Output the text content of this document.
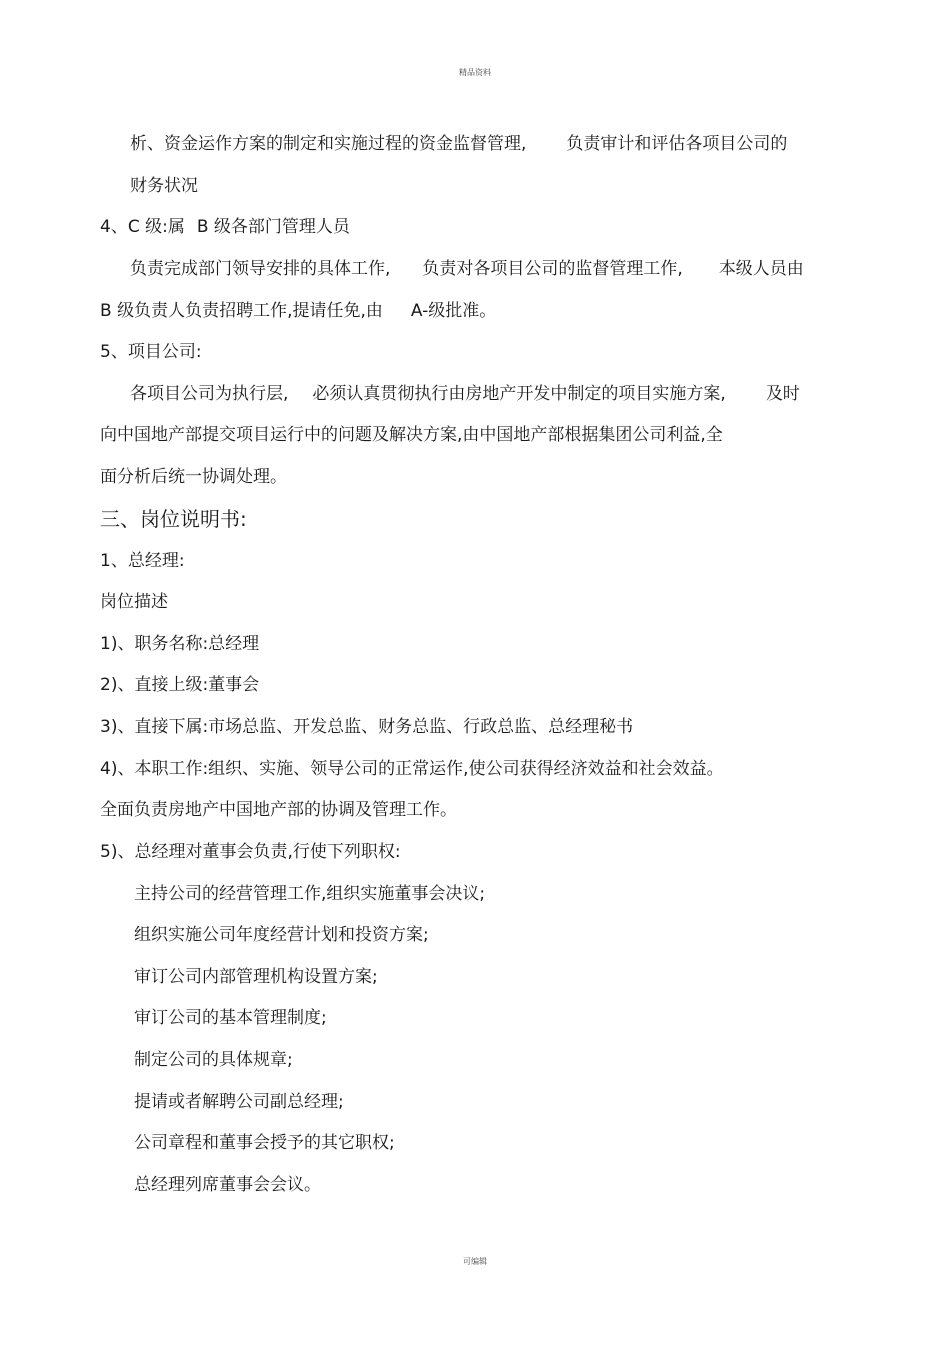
精品资料
析、资金运作方案的制定和实施过程的资金监督管理, 负责审计和评估各项目公司的
财务状况
4、C 级:属 B 级各部门管理人员
负责完成部门领导安排的具体工作, 负责对各项目公司的监督管理工作, 本级人员由
B 级负责人负责招聘工作,提请任免,由 A-级批准。
5、项目公司:
各项目公司为执行层, 必须认真贯彻执行由房地产开发中制定的项目实施方案, 及时
向中国地产部提交项目运行中的问题及解决方案,由中国地产部根据集团公司利益,全
面分析后统一协调处理。
三、岗位说明书:
1、总经理:
岗位描述
1)、职务名称:总经理
2)、直接上级:董事会
3)、直接下属:市场总监、开发总监、财务总监、行政总监、总经理秘书
4)、本职工作:组织、实施、领导公司的正常运作,使公司获得经济效益和社会效益。
全面负责房地产中国地产部的协调及管理工作。
5)、总经理对董事会负责,行使下列职权:
主持公司的经营管理工作,组织实施董事会决议;
组织实施公司年度经营计划和投资方案;
审订公司内部管理机构设置方案;
审订公司的基本管理制度;
制定公司的具体规章;
提请或者解聘公司副总经理;
公司章程和董事会授予的其它职权;
总经理列席董事会会议。
可编辑
